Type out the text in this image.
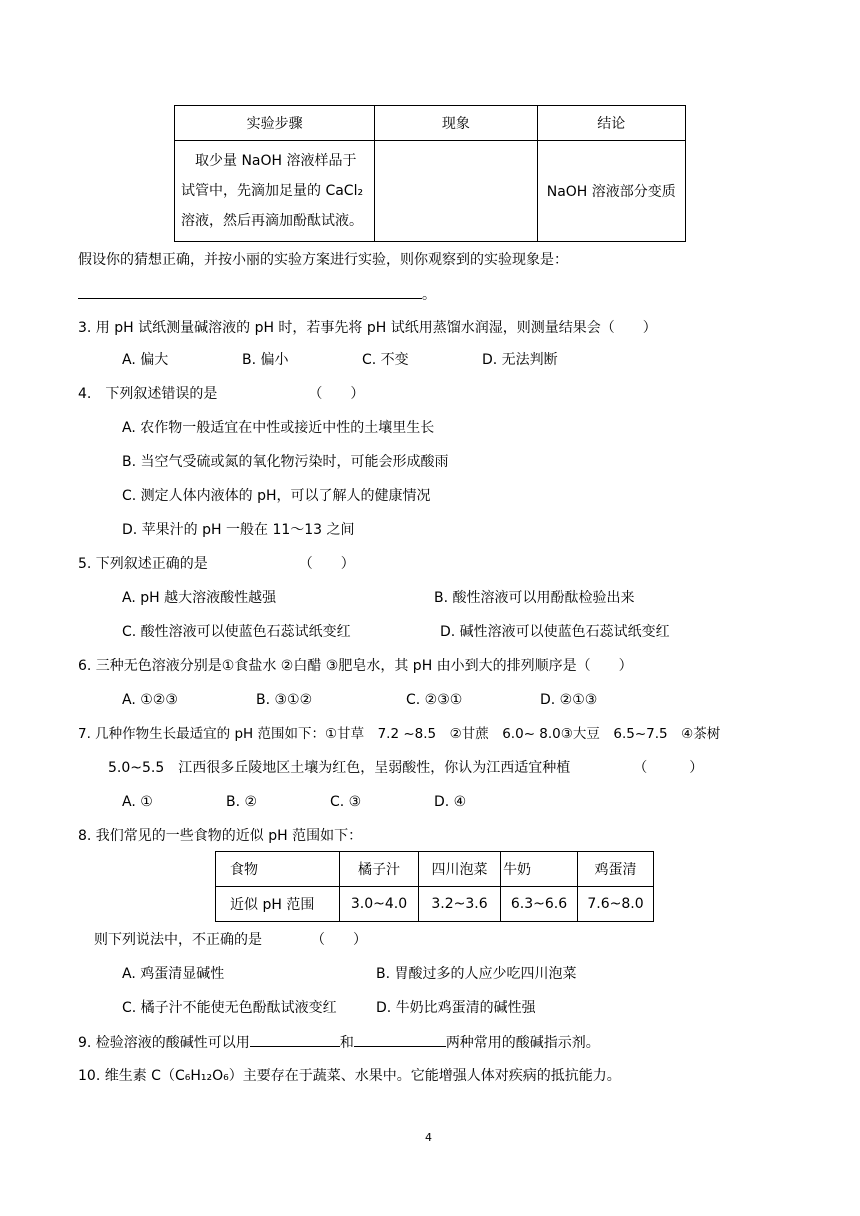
实验步骤	现象	结论

取少量 NaOH 溶液样品于
试管中，先滴加足量的 CaCl₂
溶液，然后再滴加酚酞试液。		NaOH 溶液部分变质
假设你的猜想正确，并按小丽的实验方案进行实验，则你观察到的实验现象是：
。
3. 用 pH 试纸测量碱溶液的 pH 时，若事先将 pH 试纸用蒸馏水润湿，则测量结果会（　　）
A. 偏大	B. 偏小	C. 不变	D. 无法判断
4.　下列叙述错误的是　　　　　　　（　　）
A. 农作物一般适宜在中性或接近中性的土壤里生长
B. 当空气受硫或氮的氧化物污染时，可能会形成酸雨
C. 测定人体内液体的 pH，可以了解人的健康情况
D. 苹果汁的 pH 一般在 11～13 之间
5. 下列叙述正确的是　　　　　　　（　　）
A. pH 越大溶液酸性越强	B. 酸性溶液可以用酚酞检验出来
C. 酸性溶液可以使蓝色石蕊试纸变红	D. 碱性溶液可以使蓝色石蕊试纸变红
6. 三种无色溶液分别是①食盐水 ②白醋 ③肥皂水，其 pH 由小到大的排列顺序是（　　）
A. ①②③	B. ③①②	C. ②③①	D. ②①③
7. 几种作物生长最适宜的 pH 范围如下：①甘草　7.2 ~8.5　②甘蔗　6.0~ 8.0③大豆　6.5~7.5　④茶树
5.0~5.5　江西很多丘陵地区土壤为红色，呈弱酸性，你认为江西适宜种植　　　　　（　　　）
A. ①	B. ②	C. ③	D. ④
8. 我们常见的一些食物的近似 pH 范围如下：
食物	橘子汁	四川泡菜	牛奶	鸡蛋清
近似 pH 范围	3.0~4.0	3.2~3.6	6.3~6.6	7.6~8.0
则下列说法中，不正确的是　　　　（　　）
A. 鸡蛋清显碱性	B. 胃酸过多的人应少吃四川泡菜
C. 橘子汁不能使无色酚酞试液变红	D. 牛奶比鸡蛋清的碱性强
9. 检验溶液的酸碱性可以用	和	两种常用的酸碱指示剂。
10. 维生素 C（C₆H₁₂O₆）主要存在于蔬菜、水果中。它能增强人体对疾病的抵抗能力。
4
